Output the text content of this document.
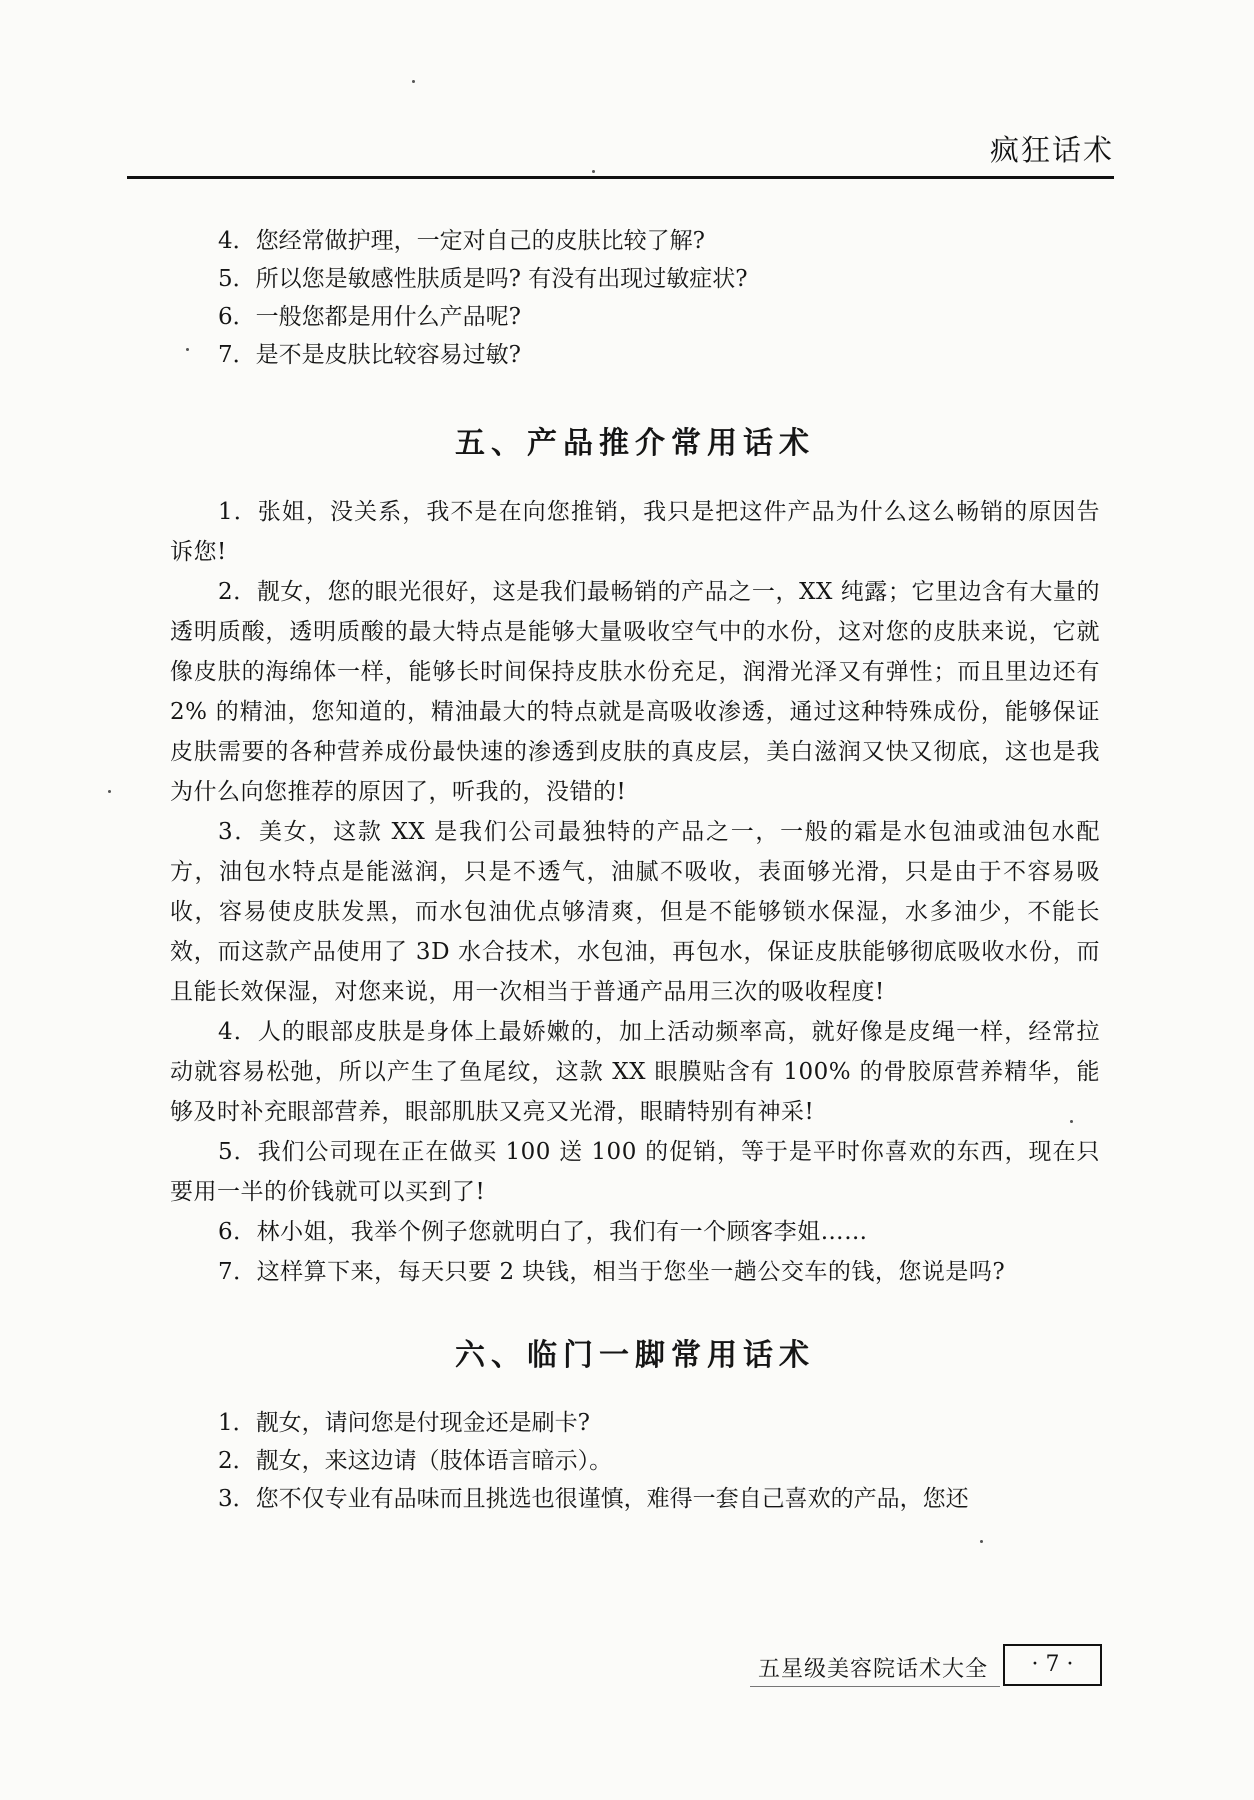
疯狂话术

4．您经常做护理，一定对自己的皮肤比较了解?

5．所以您是敏感性肤质是吗? 有没有出现过敏症状?

6．一般您都是用什么产品呢?

7．是不是皮肤比较容易过敏?

五、产品推介常用话术

1．张姐，没关系，我不是在向您推销，我只是把这件产品为什么这么畅销的原因告诉您!

2．靓女，您的眼光很好，这是我们最畅销的产品之一，XX 纯露；它里边含有大量的透明质酸，透明质酸的最大特点是能够大量吸收空气中的水份，这对您的皮肤来说，它就像皮肤的海绵体一样，能够长时间保持皮肤水份充足，润滑光泽又有弹性；而且里边还有 2% 的精油，您知道的，精油最大的特点就是高吸收渗透，通过这种特殊成份，能够保证皮肤需要的各种营养成份最快速的渗透到皮肤的真皮层，美白滋润又快又彻底，这也是我为什么向您推荐的原因了，听我的，没错的!

3．美女，这款 XX 是我们公司最独特的产品之一，一般的霜是水包油或油包水配方，油包水特点是能滋润，只是不透气，油腻不吸收，表面够光滑，只是由于不容易吸收，容易使皮肤发黑，而水包油优点够清爽，但是不能够锁水保湿，水多油少，不能长效，而这款产品使用了 3D 水合技术，水包油，再包水，保证皮肤能够彻底吸收水份，而且能长效保湿，对您来说，用一次相当于普通产品用三次的吸收程度!

4．人的眼部皮肤是身体上最娇嫩的，加上活动频率高，就好像是皮绳一样，经常拉动就容易松弛，所以产生了鱼尾纹，这款 XX 眼膜贴含有 100% 的骨胶原营养精华，能够及时补充眼部营养，眼部肌肤又亮又光滑，眼睛特别有神采!

5．我们公司现在正在做买 100 送 100 的促销，等于是平时你喜欢的东西，现在只要用一半的价钱就可以买到了!

6．林小姐，我举个例子您就明白了，我们有一个顾客李姐……

7．这样算下来，每天只要 2 块钱，相当于您坐一趟公交车的钱，您说是吗?

六、临门一脚常用话术

1．靓女，请问您是付现金还是刷卡?

2．靓女，来这边请（肢体语言暗示）。

3．您不仅专业有品味而且挑选也很谨慎，难得一套自己喜欢的产品，您还

五星级美容院话术大全	· 7 ·
